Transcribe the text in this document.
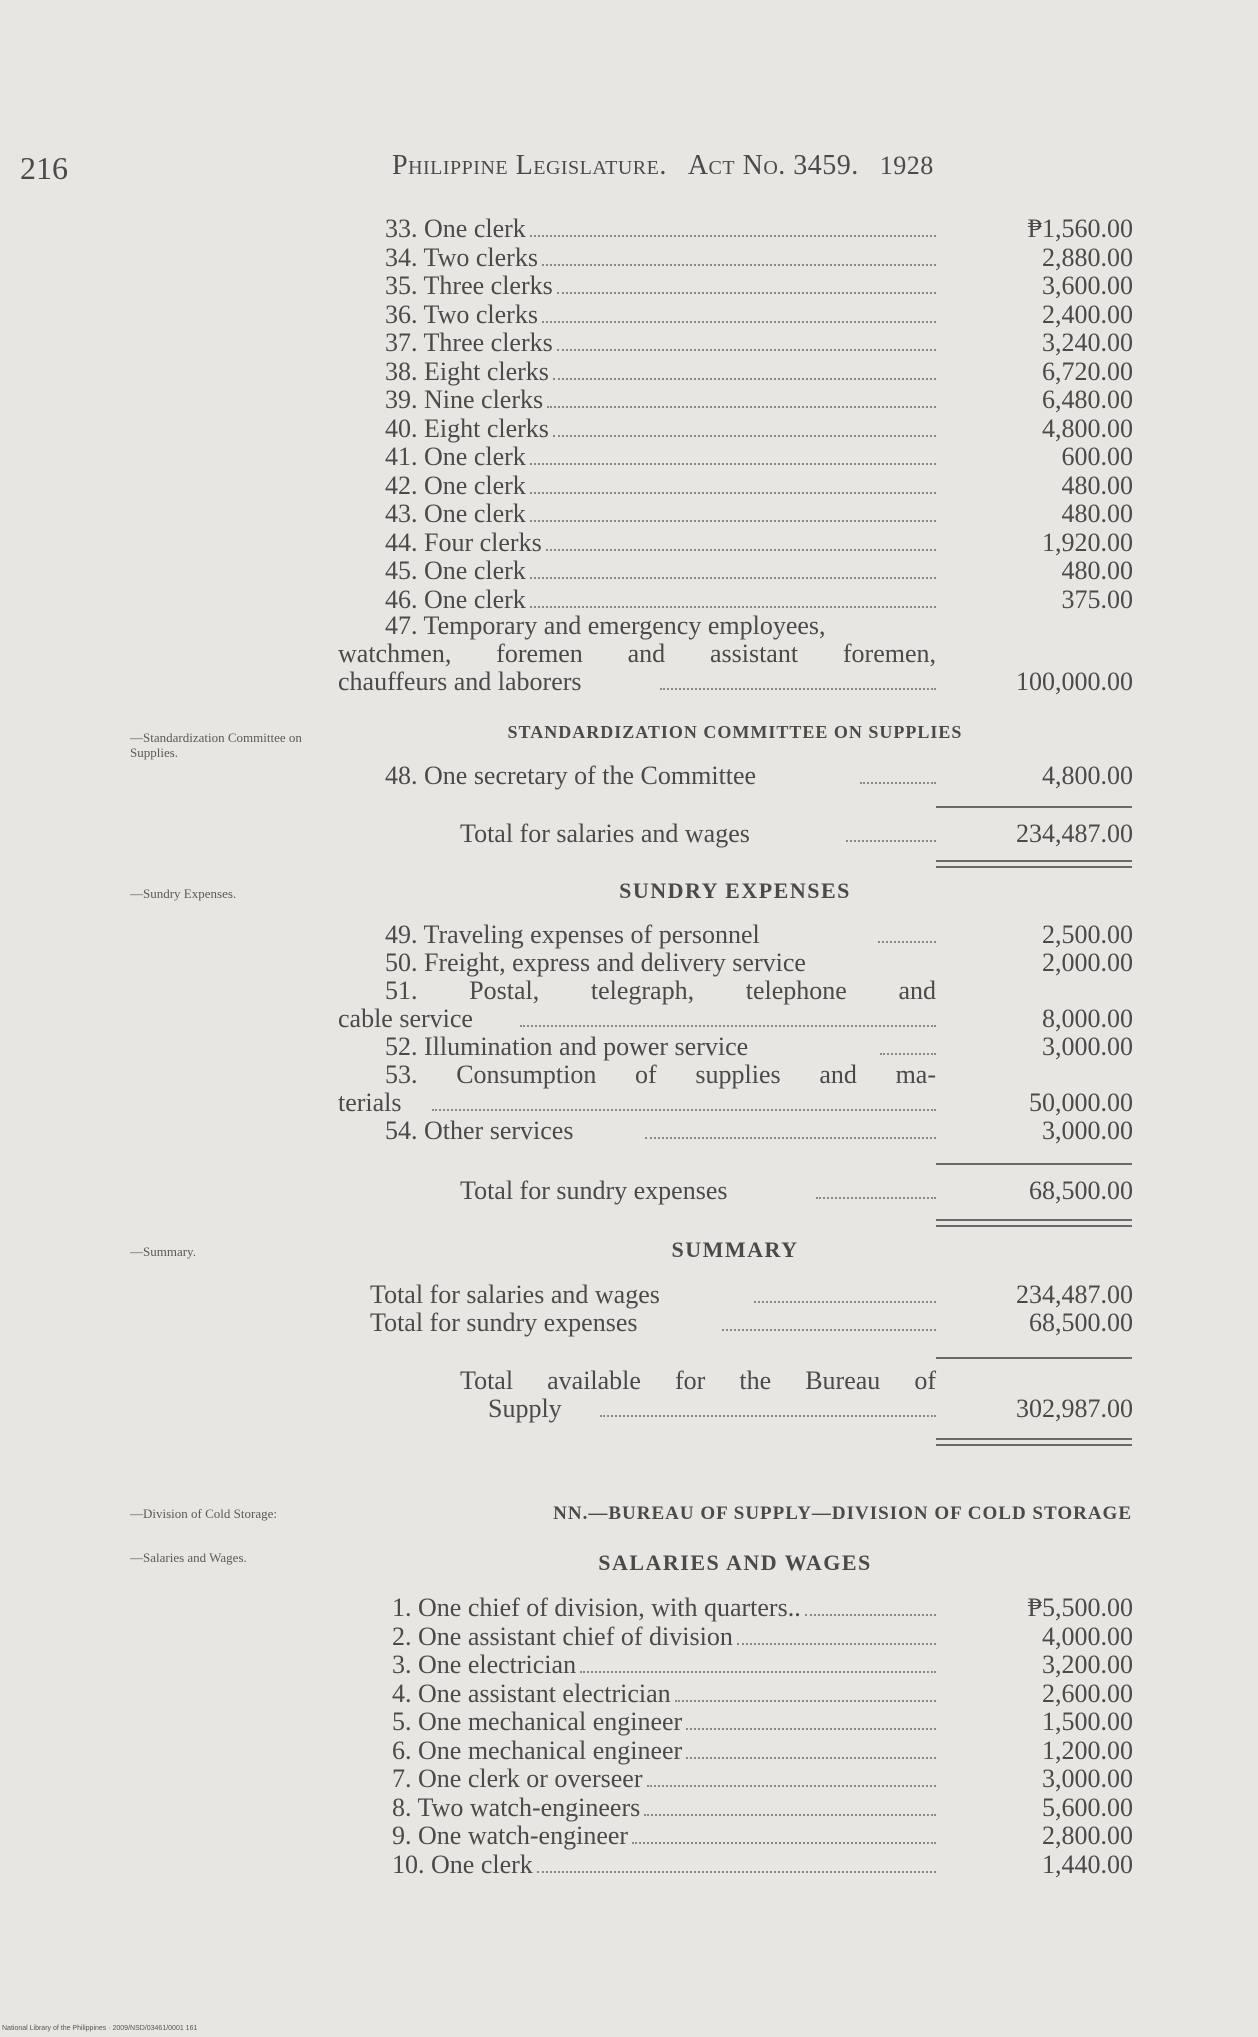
216	Philippine Legislature. Act No. 3459. 1928
33. One clerk	₱1,560.00
34. Two clerks	2,880.00
35. Three clerks	3,600.00
36. Two clerks	2,400.00
37. Three clerks	3,240.00
38. Eight clerks	6,720.00
39. Nine clerks	6,480.00
40. Eight clerks	4,800.00
41. One clerk	600.00
42. One clerk	480.00
43. One clerk	480.00
44. Four clerks	1,920.00
45. One clerk	480.00
46. One clerk	375.00
47. Temporary and emergency employees,
watchmen, foremen and assistant foremen,
chauffeurs and laborers	100,000.00
—Standardization Committee on Supplies.
STANDARDIZATION COMMITTEE ON SUPPLIES
48. One secretary of the Committee	4,800.00
Total for salaries and wages	234,487.00
—Sundry Expenses.	SUNDRY EXPENSES
49. Traveling expenses of personnel	2,500.00
50. Freight, express and delivery service	2,000.00
51. Postal, telegraph, telephone and
cable service	8,000.00
52. Illumination and power service	3,000.00
53. Consumption of supplies and ma-
terials	50,000.00
54. Other services	3,000.00
Total for sundry expenses	68,500.00
—Summary.	SUMMARY
Total for salaries and wages	234,487.00
Total for sundry expenses	68,500.00
Total available for the Bureau of
Supply	302,987.00
—Division of Cold Storage:	NN.—BUREAU OF SUPPLY—DIVISION OF COLD STORAGE
—Salaries and Wages.	SALARIES AND WAGES
1. One chief of division, with quarters..	₱5,500.00
2. One assistant chief of division	4,000.00
3. One electrician	3,200.00
4. One assistant electrician	2,600.00
5. One mechanical engineer	1,500.00
6. One mechanical engineer	1,200.00
7. One clerk or overseer	3,000.00
8. Two watch-engineers	5,600.00
9. One watch-engineer	2,800.00
10. One clerk	1,440.00
National Library of the Philippines · 2009/NSD/03461/0001 161
